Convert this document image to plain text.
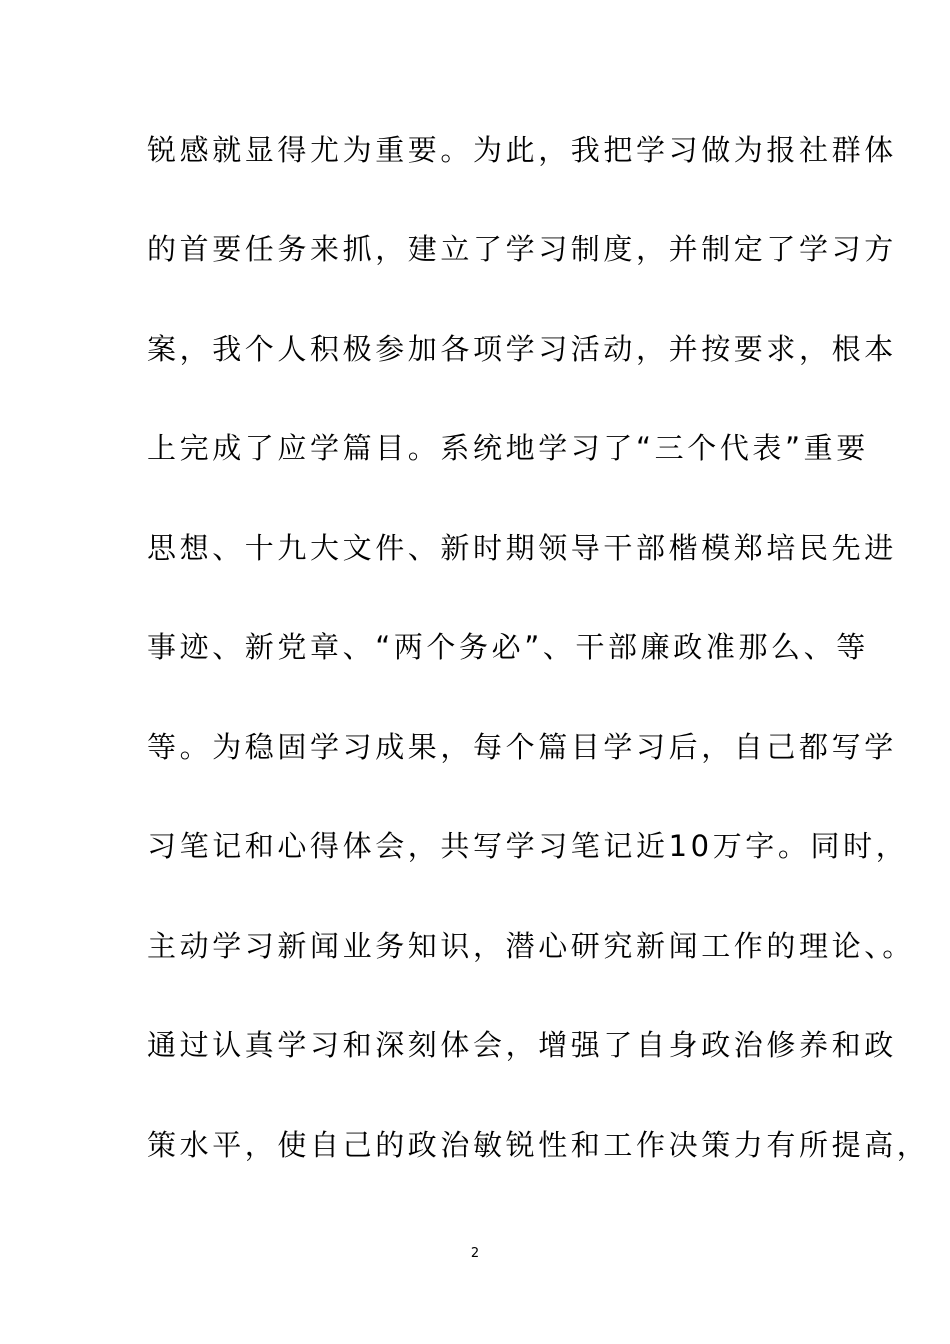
锐感就显得尤为重要。为此，我把学习做为报社群体
的首要任务来抓，建立了学习制度，并制定了学习方
案，我个人积极参加各项学习活动，并按要求，根本
上完成了应学篇目。系统地学习了“三个代表”重要
思想、十九大文件、新时期领导干部楷模郑培民先进
事迹、新党章、“两个务必”、干部廉政准那么、等
等。为稳固学习成果，每个篇目学习后，自己都写学
习笔记和心得体会，共写学习笔记近10万字。同时，
主动学习新闻业务知识，潜心研究新闻工作的理论、。
通过认真学习和深刻体会，增强了自身政治修养和政
策水平，使自己的政治敏锐性和工作决策力有所提高，
2
